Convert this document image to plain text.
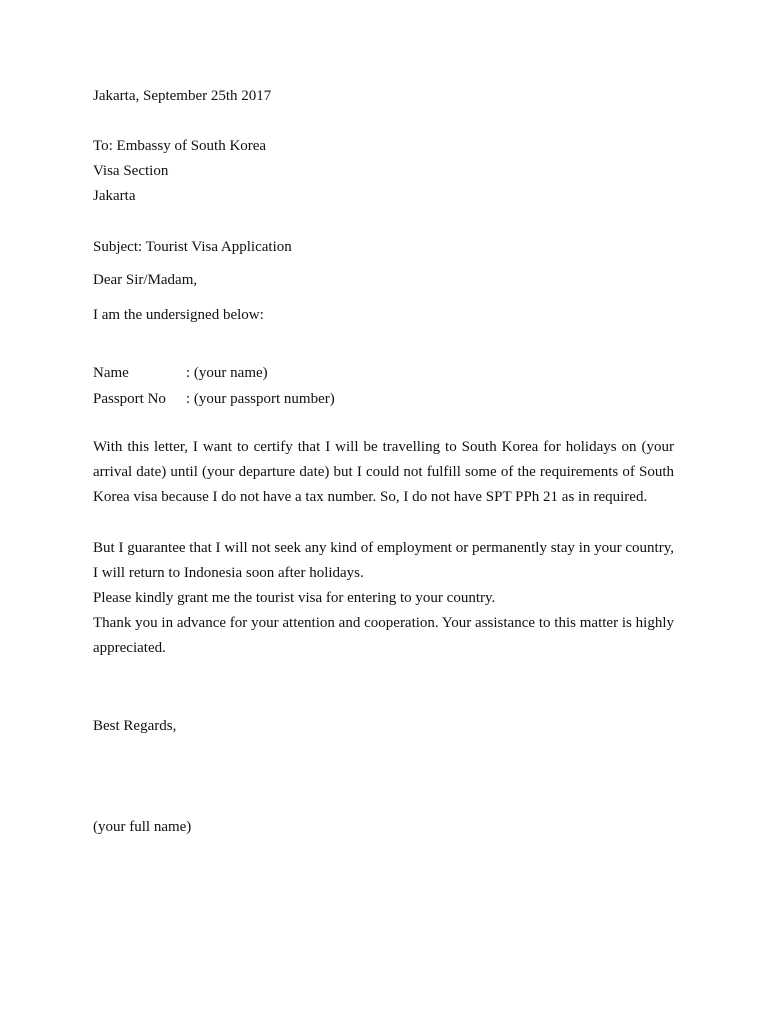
Jakarta, September 25th 2017
To: Embassy of South Korea
Visa Section
Jakarta
Subject: Tourist Visa Application
Dear Sir/Madam,
I am the undersigned below:
Name	: (your name)
Passport No : (your passport number)

With this letter, I want to certify that I will be travelling to South Korea for holidays on (your arrival date) until (your departure date) but I could not fulfill some of the requirements of South Korea visa because I do not have a tax number. So, I do not have SPT PPh 21 as in required.

But I guarantee that I will not seek any kind of employment or permanently stay in your country, I will return to Indonesia soon after holidays.

Please kindly grant me the tourist visa for entering to your country.

Thank you in advance for your attention and cooperation. Your assistance to this matter is highly appreciated.

Best Regards,
(your full name)
